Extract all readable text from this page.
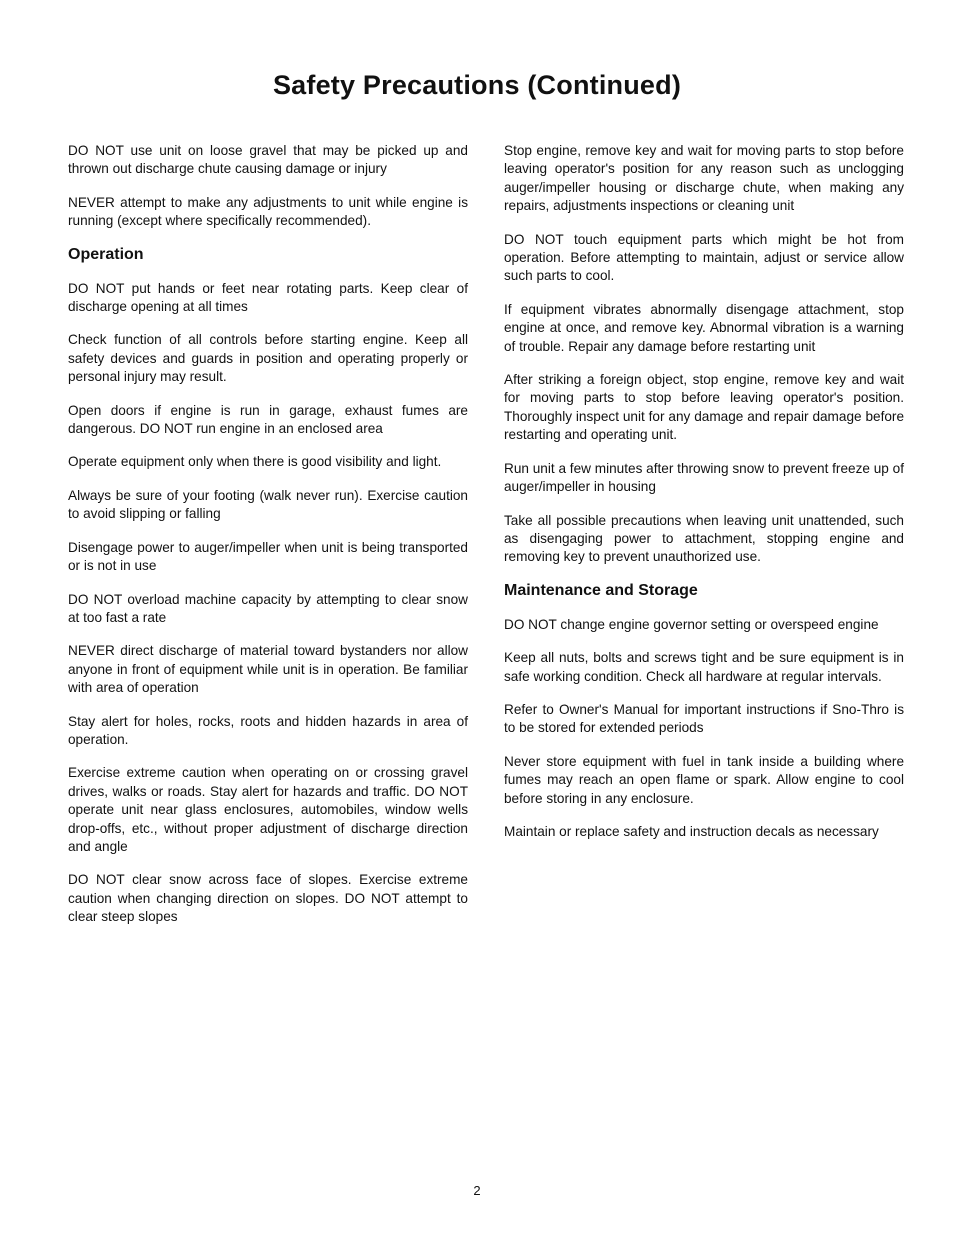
Safety Precautions (Continued)

DO NOT use unit on loose gravel that may be picked up and thrown out discharge chute causing damage or injury

NEVER attempt to make any adjustments to unit while engine is running (except where specifically recommended).

Operation

DO NOT put hands or feet near rotating parts. Keep clear of discharge opening at all times

Check function of all controls before starting engine. Keep all safety devices and guards in position and operating properly or personal injury may result.

Open doors if engine is run in garage, exhaust fumes are dangerous. DO NOT run engine in an enclosed area

Operate equipment only when there is good visibility and light.

Always be sure of your footing (walk never run). Exercise caution to avoid slipping or falling

Disengage power to auger/impeller when unit is being transported or is not in use

DO NOT overload machine capacity by attempting to clear snow at too fast a rate

NEVER direct discharge of material toward bystanders nor allow anyone in front of equipment while unit is in operation. Be familiar with area of operation

Stay alert for holes, rocks, roots and hidden hazards in area of operation.

Exercise extreme caution when operating on or crossing gravel drives, walks or roads. Stay alert for hazards and traffic. DO NOT operate unit near glass enclosures, automobiles, window wells drop-offs, etc., without proper adjustment of discharge direction and angle

DO NOT clear snow across face of slopes. Exercise extreme caution when changing direction on slopes. DO NOT attempt to clear steep slopes

Stop engine, remove key and wait for moving parts to stop before leaving operator's position for any reason such as unclogging auger/impeller housing or discharge chute, when making any repairs, adjustments inspections or cleaning unit

DO NOT touch equipment parts which might be hot from operation. Before attempting to maintain, adjust or service allow such parts to cool.

If equipment vibrates abnormally disengage attachment, stop engine at once, and remove key. Abnormal vibration is a warning of trouble. Repair any damage before restarting unit

After striking a foreign object, stop engine, remove key and wait for moving parts to stop before leaving operator's position. Thoroughly inspect unit for any damage and repair damage before restarting and operating unit.

Run unit a few minutes after throwing snow to prevent freeze up of auger/impeller in housing

Take all possible precautions when leaving unit unattended, such as disengaging power to attachment, stopping engine and removing key to prevent unauthorized use.

Maintenance and Storage

DO NOT change engine governor setting or overspeed engine

Keep all nuts, bolts and screws tight and be sure equipment is in safe working condition. Check all hardware at regular intervals.

Refer to Owner's Manual for important instructions if Sno-Thro is to be stored for extended periods

Never store equipment with fuel in tank inside a building where fumes may reach an open flame or spark. Allow engine to cool before storing in any enclosure.

Maintain or replace safety and instruction decals as necessary

2
